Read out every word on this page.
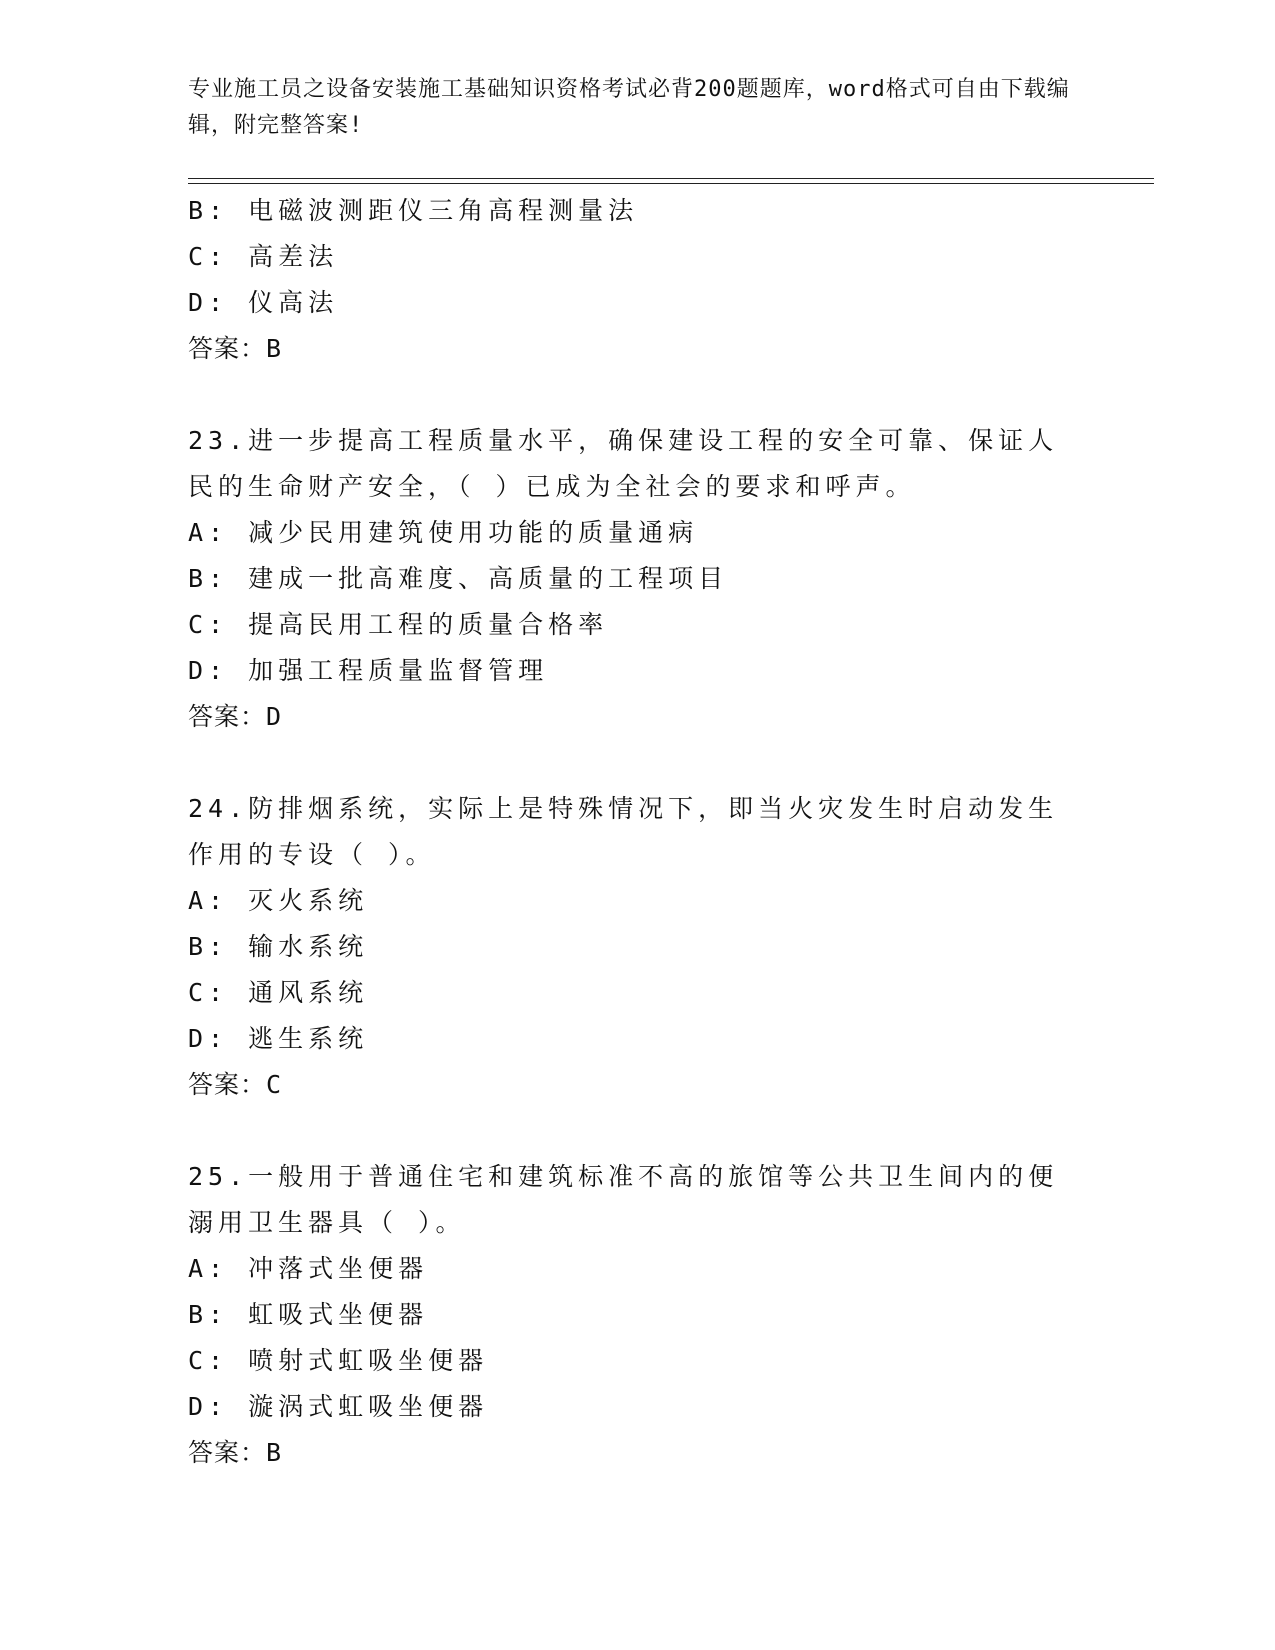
专业施工员之设备安装施工基础知识资格考试必背200题题库，word格式可自由下载编辑，附完整答案!
B: 电磁波测距仪三角高程测量法
C: 高差法
D: 仪高法
答案：B
23.进一步提高工程质量水平，确保建设工程的安全可靠、保证人民的生命财产安全，（ ）已成为全社会的要求和呼声。
A: 减少民用建筑使用功能的质量通病
B: 建成一批高难度、高质量的工程项目
C: 提高民用工程的质量合格率
D: 加强工程质量监督管理
答案：D
24.防排烟系统，实际上是特殊情况下，即当火灾发生时启动发生作用的专设（ ）。
A: 灭火系统
B: 输水系统
C: 通风系统
D: 逃生系统
答案：C
25.一般用于普通住宅和建筑标准不高的旅馆等公共卫生间内的便溺用卫生器具（ ）。
A: 冲落式坐便器
B: 虹吸式坐便器
C: 喷射式虹吸坐便器
D: 漩涡式虹吸坐便器
答案：B
